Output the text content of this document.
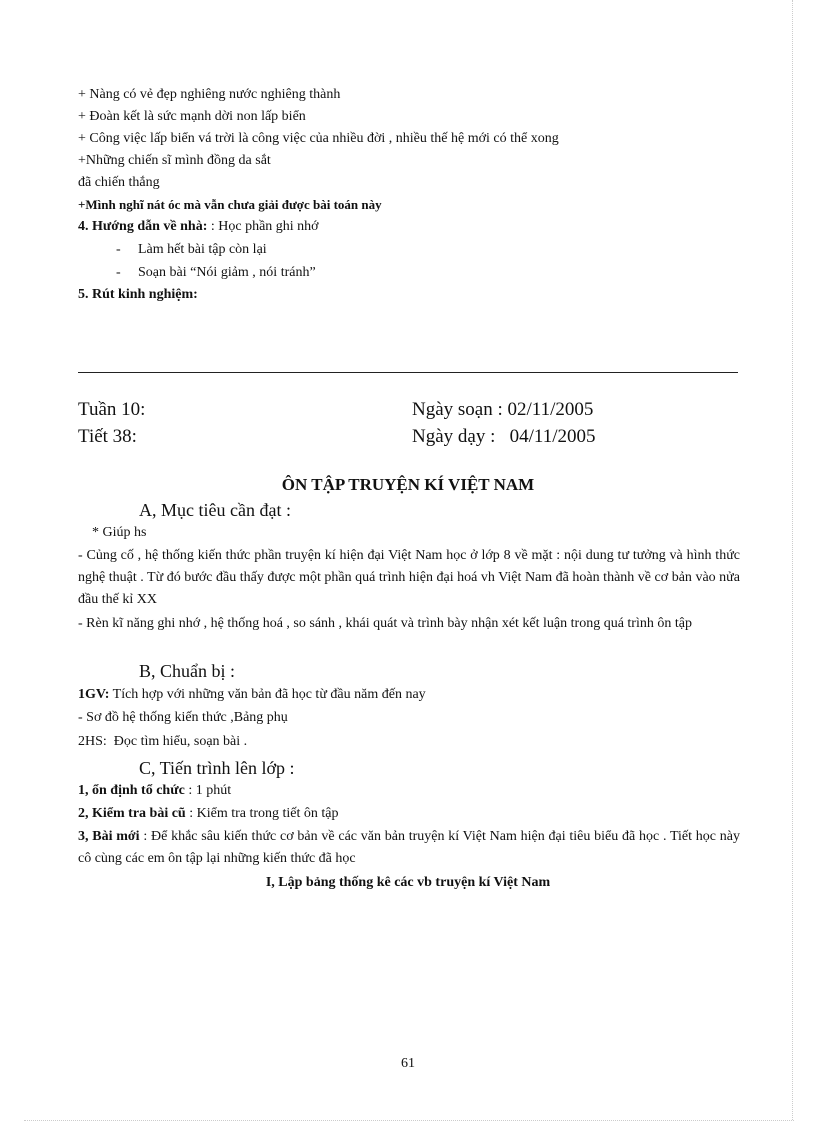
+ Nàng có vẻ đẹp nghiêng nước nghiêng thành
+ Đoàn kết là sức mạnh dời non lấp biển
+ Công việc lấp biển vá trời là công việc của nhiều đời , nhiều thế hệ mới có thể xong
+Những chiến sĩ mình đồng da sắt
đã chiến thắng
+Mình nghĩ nát óc mà vẫn chưa giải được bài toán này
4. Hướng dẫn về nhà: : Học phần ghi nhớ
- Làm hết bài tập còn lại
- Soạn bài “Nói giảm , nói tránh”
5. Rút kinh nghiệm:
Tuần 10:
Tiết 38:
Ngày soạn : 02/11/2005
Ngày dạy :   04/11/2005
ÔN TẬP TRUYỆN KÍ VIỆT NAM
A, Mục tiêu cần đạt :
* Giúp hs
- Củng cố , hệ thống kiến thức phần truyện kí hiện đại Việt Nam học ở lớp 8 về mặt : nội dung tư tưởng và hình thức nghệ thuật . Từ đó bước đầu thấy được một phần quá trình hiện đại hoá vh Việt Nam đã hoàn thành về cơ bản vào nửa đầu thế kỉ XX
- Rèn kĩ năng ghi nhớ , hệ thống hoá , so sánh , khái quát và trình bày nhận xét kết luận trong quá trình ôn tập
B, Chuẩn bị :
1GV: Tích hợp với những văn bản đã học từ đầu năm đến nay
- Sơ đồ hệ thống kiến thức ,Bảng phụ
2HS:  Đọc tìm hiểu, soạn bài .
C, Tiến trình lên lớp :
1, ổn định tổ chức : 1 phút
2, Kiểm tra bài cũ : Kiểm tra trong tiết ôn tập
3, Bài mới : Để khắc sâu kiến thức cơ bản về các văn bản truyện kí Việt Nam hiện đại tiêu biểu đã học . Tiết học này cô cùng các em ôn tập lại những kiến thức đã học
I, Lập bảng thống kê các vb truyện kí Việt Nam
61
